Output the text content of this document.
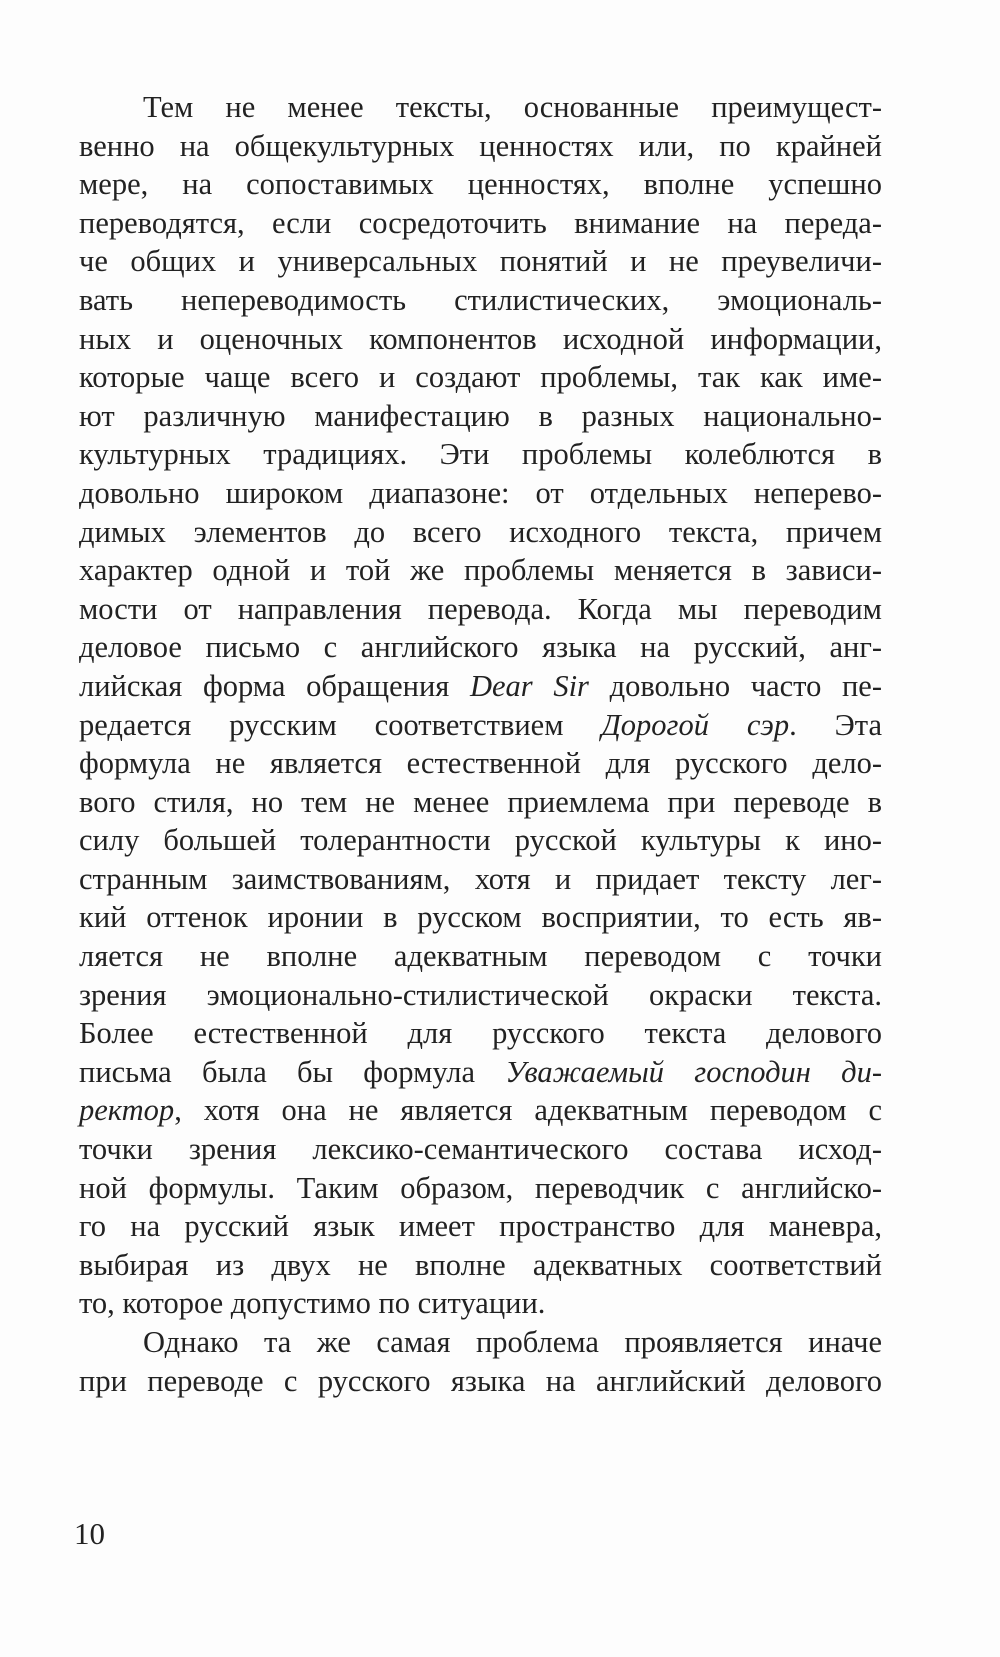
Тем не менее тексты, основанные преимущест-
венно на общекультурных ценностях или, по крайней
мере, на сопоставимых ценностях, вполне успешно
переводятся, если сосредоточить внимание на переда-
че общих и универсальных понятий и не преувеличи-
вать непереводимость стилистических, эмоциональ-
ных и оценочных компонентов исходной информации,
которые чаще всего и создают проблемы, так как име-
ют различную манифестацию в разных национально-
культурных традициях. Эти проблемы колеблются в
довольно широком диапазоне: от отдельных неперево-
димых элементов до всего исходного текста, причем
характер одной и той же проблемы меняется в зависи-
мости от направления перевода. Когда мы переводим
деловое письмо с английского языка на русский, анг-
лийская форма обращения Dear Sir довольно часто пе-
редается русским соответствием Дорогой сэр. Эта
формула не является естественной для русского дело-
вого стиля, но тем не менее приемлема при переводе в
силу большей толерантности русской культуры к ино-
странным заимствованиям, хотя и придает тексту лег-
кий оттенок иронии в русском восприятии, то есть яв-
ляется не вполне адекватным переводом с точки
зрения эмоционально-стилистической окраски текста.
Более естественной для русского текста делового
письма была бы формула Уважаемый господин ди-
ректор, хотя она не является адекватным переводом с
точки зрения лексико-семантического состава исход-
ной формулы. Таким образом, переводчик с английско-
го на русский язык имеет пространство для маневра,
выбирая из двух не вполне адекватных соответствий
то, которое допустимо по ситуации.
Однако та же самая проблема проявляется иначе
при переводе с русского языка на английский делового
10
